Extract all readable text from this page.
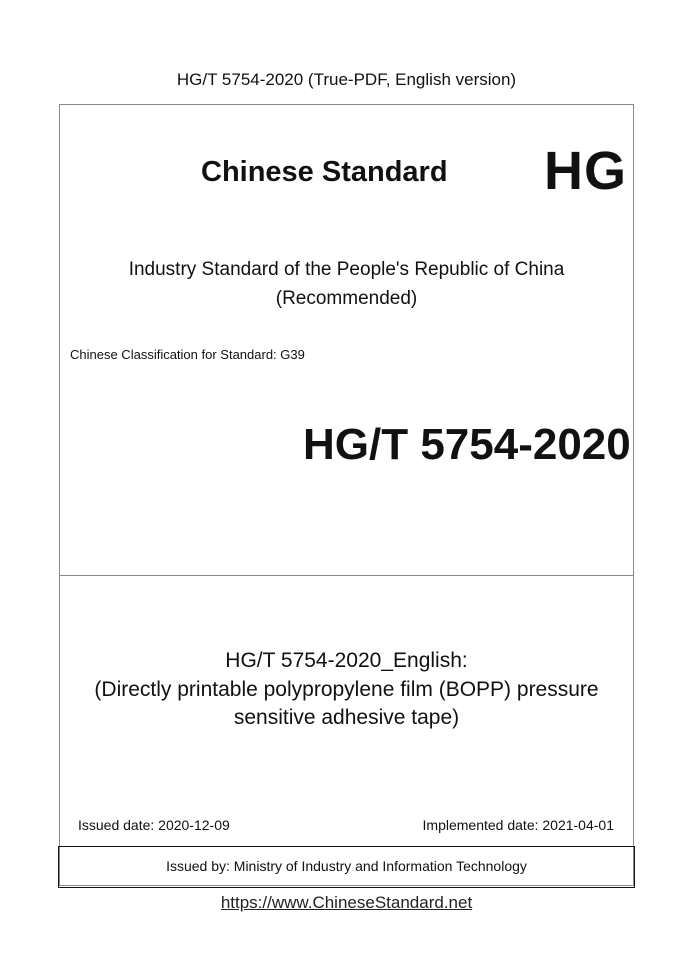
HG/T 5754-2020 (True-PDF, English version)
Chinese Standard HG
Industry Standard of the People's Republic of China
(Recommended)
Chinese Classification for Standard: G39
HG/T 5754-2020
HG/T 5754-2020_English:
(Directly printable polypropylene film (BOPP) pressure
sensitive adhesive tape)
Issued date: 2020-12-09	Implemented date: 2021-04-01
Issued by: Ministry of Industry and Information Technology
https://www.ChineseStandard.net
